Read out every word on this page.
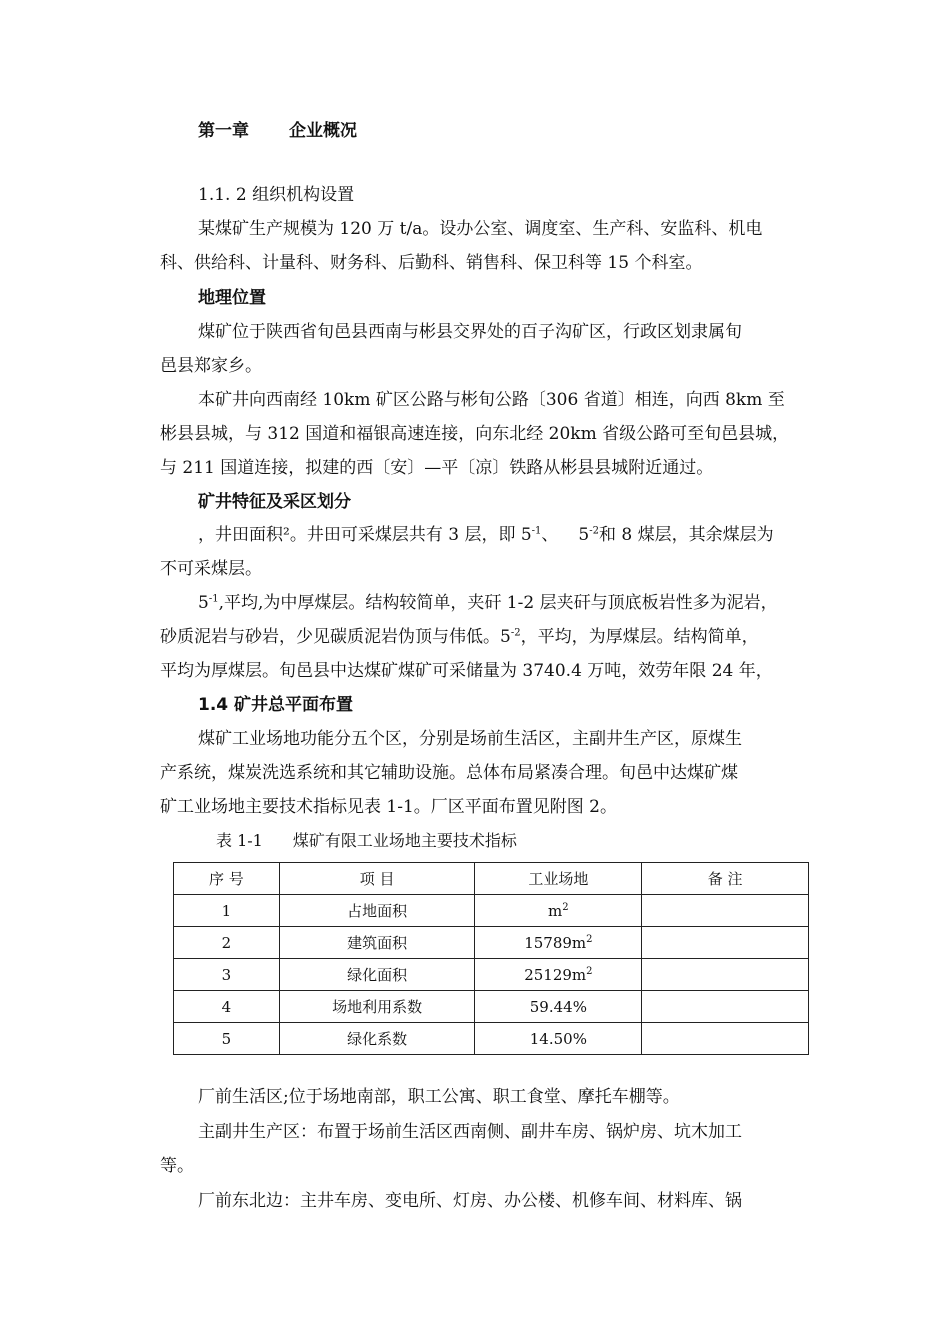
第一章 企业概况
1.1. 2 组织机构设置
某煤矿生产规模为 120 万 t/a。设办公室、调度室、生产科、安监科、机电
科、供给科、计量科、财务科、后勤科、销售科、保卫科等 15 个科室。
地理位置
煤矿位于陕西省旬邑县西南与彬县交界处的百子沟矿区，行政区划隶属旬
邑县郑家乡。
本矿井向西南经 10km 矿区公路与彬旬公路〔306 省道〕相连，向西 8km 至
彬县县城，与 312 国道和福银高速连接，向东北经 20km 省级公路可至旬邑县城，
与 211 国道连接，拟建的西〔安〕—平〔凉〕铁路从彬县县城附近通过。
矿井特征及采区划分
，井田面积²。井田可采煤层共有 3 层，即 $5^{-1}$、 $5^{-2}$和 8 煤层，其余煤层为
不可采煤层。
$5^{-1}$,平均,为中厚煤层。结构较简单，夹矸 1-2 层夹矸与顶底板岩性多为泥岩，
砂质泥岩与砂岩，少见碳质泥岩伪顶与伟低。$5^{-2}$，平均，为厚煤层。结构简单，
平均为厚煤层。旬邑县中达煤矿煤矿可采储量为 3740.4 万吨，效劳年限 24 年，
1.4 矿井总平面布置
煤矿工业场地功能分五个区，分别是场前生活区，主副井生产区，原煤生
产系统，煤炭洗选系统和其它辅助设施。总体布局紧凑合理。旬邑中达煤矿煤
矿工业场地主要技术指标见表 1-1。厂区平面布置见附图 2。
表 1-1 煤矿有限工业场地主要技术指标
序 号	项 目	工业场地	备 注
1	占地面积	$m^2$	
2	建筑面积	$15789m^2$	
3	绿化面积	$25129m^2$	
4	场地利用系数	59.44%	
5	绿化系数	14.50%	
厂前生活区;位于场地南部，职工公寓、职工食堂、摩托车棚等。
主副井生产区：布置于场前生活区西南侧、副井车房、锅炉房、坑木加工
等。
厂前东北边：主井车房、变电所、灯房、办公楼、机修车间、材料库、锅
